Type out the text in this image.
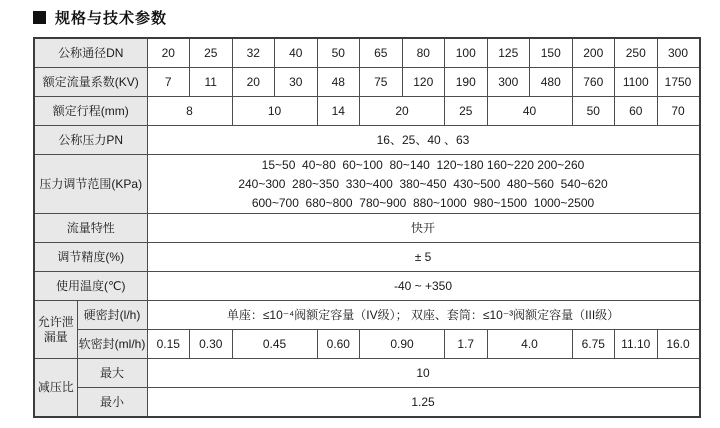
规格与技术参数
公称通径DN		20	25	32	40	50	65	80	100	125	150	200	250	300
额定流量系数(KV)		7	11	20	30	48	75	120	190	300	480	760	1100	1750
额定行程(mm)		8		10		14	20		25	40		50	60	70
公称压力PN		16、25、40 、63												
压力调节范围(KPa)		15~50  40~80  60~100  80~140  120~180 160~220 200~260
240~300  280~350  330~400  380~450  430~500  480~560  540~620
600~700  680~800  780~900  880~1000  980~1500  1000~2500												

流量特性		快开												
调节精度(%)		± 5												
使用温度(℃)		-40 ~ +350												
允许泄漏量	硬密封(l/h)	单座：≤10⁻⁴阀额定容量（IV级）； 双座、套筒：≤10⁻³阀额定容量（III级）												
	软密封(ml/h)	0.15	0.30	0.45		0.60	0.90		1.7	4.0		6.75	11.10	16.0
减压比	最大	10												
	最小	1.25												
